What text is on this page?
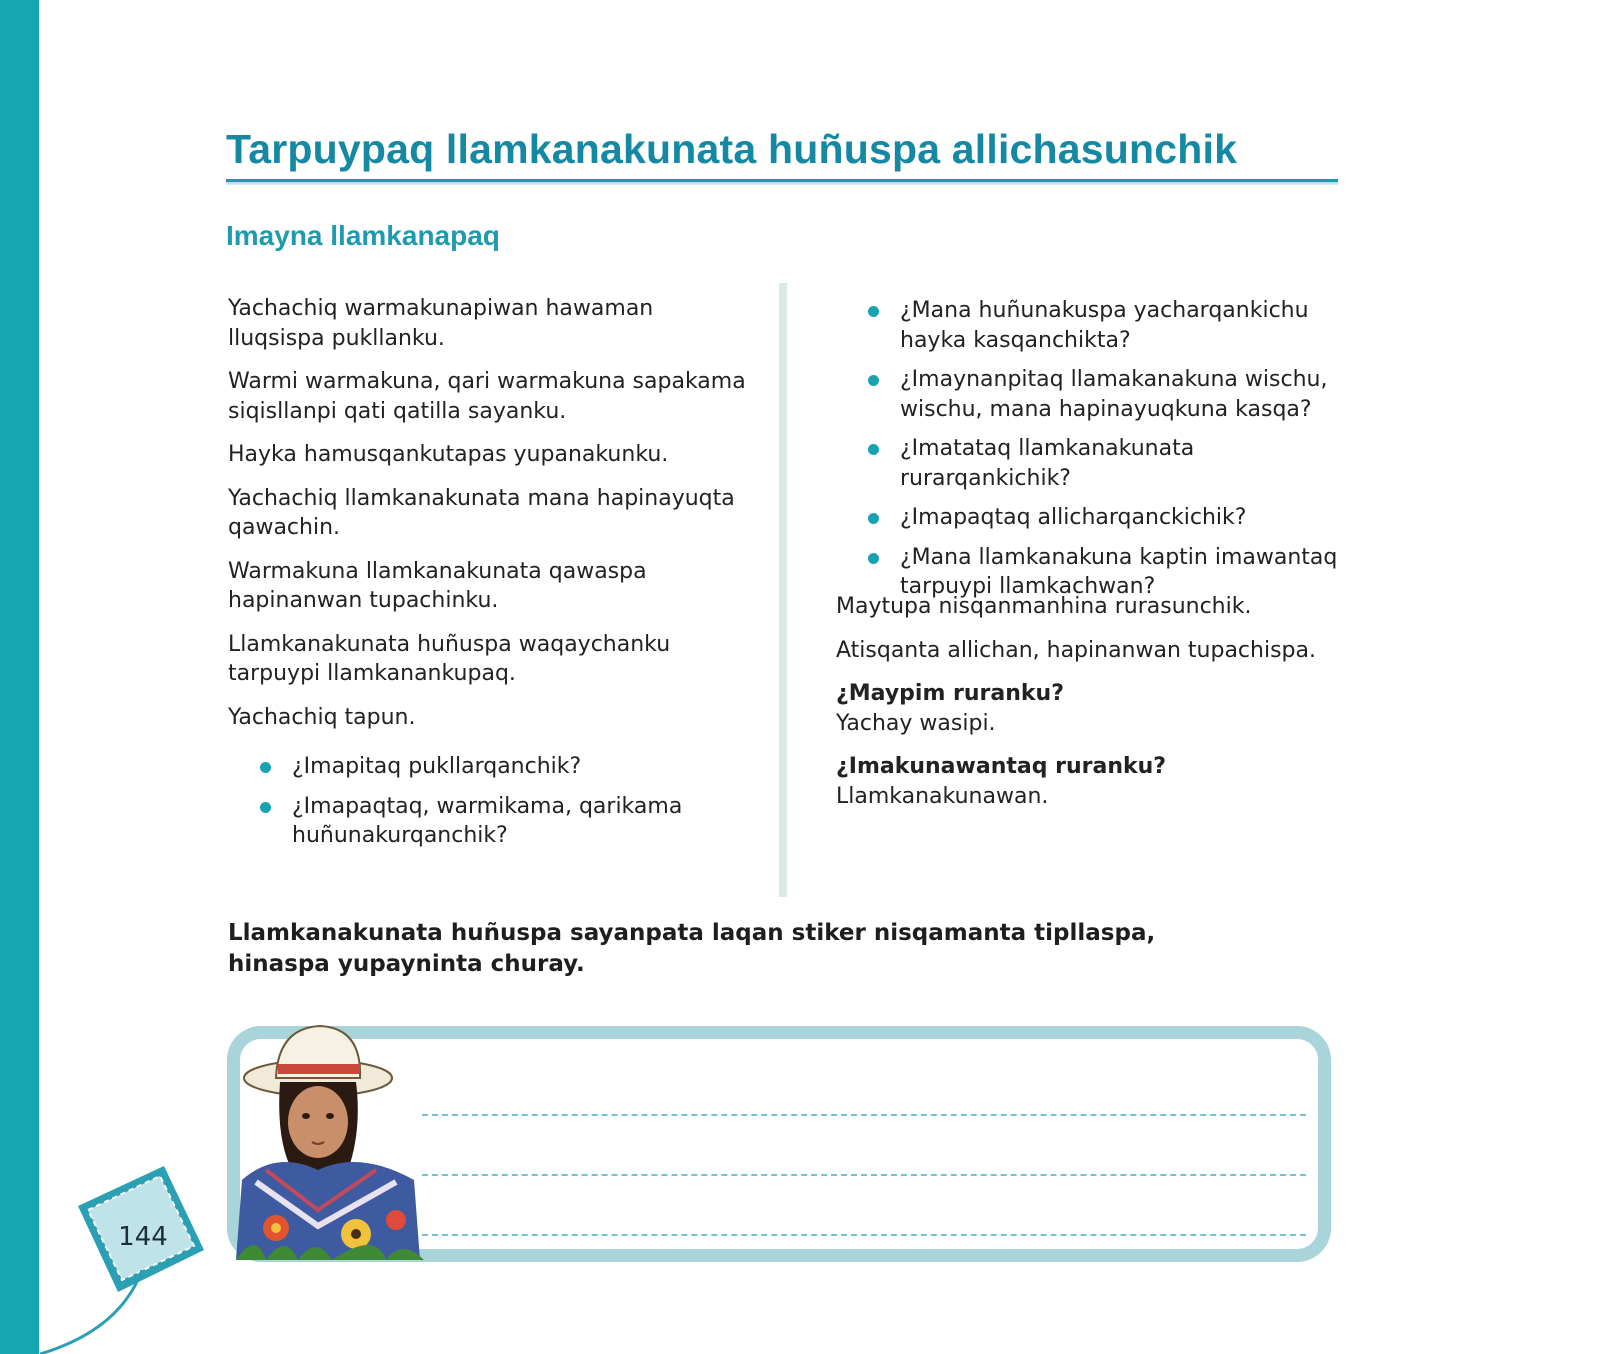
Tarpuypaq llamkanakunata huñuspa allichasunchik
Imayna llamkanapaq

Yachachiq warmakunapiwan hawaman lluqsispa pukllanku.

Warmi warmakuna, qari warmakuna sapakama siqisllanpi qati qatilla sayanku.

Hayka hamusqankutapas yupanakunku.

Yachachiq llamkanakunata mana hapinayuqta qawachin.

Warmakuna llamkanakunata qawaspa hapinanwan tupachinku.

Llamkanakunata huñuspa waqaychanku tarpuypi llamkanankupaq.

Yachachiq tapun.

¿Imapitaq pukllarqanchik?
¿Imapaqtaq, warmikama, qarikama huñunakurqanchik?
¿Mana huñunakuspa yacharqankichu hayka kasqanchikta?
¿Imaynanpitaq llamakanakuna wischu, wischu, mana hapinayuqkuna kasqa?
¿Imatataq llamkanakunata rurarqankichik?
¿Imapaqtaq allicharqanckichik?
¿Mana llamkanakuna kaptin imawantaq tarpuypi llamkachwan?

Maytupa nisqanmanhina rurasunchik.

Atisqanta allichan, hapinanwan tupachispa.

¿Maypim ruranku?
Yachay wasipi.

¿Imakunawantaq ruranku?
Llamkanakunawan.

Llamkanakunata huñuspa sayanpata laqan stiker nisqamanta tipllaspa, hinaspa yupayninta churay.

144
